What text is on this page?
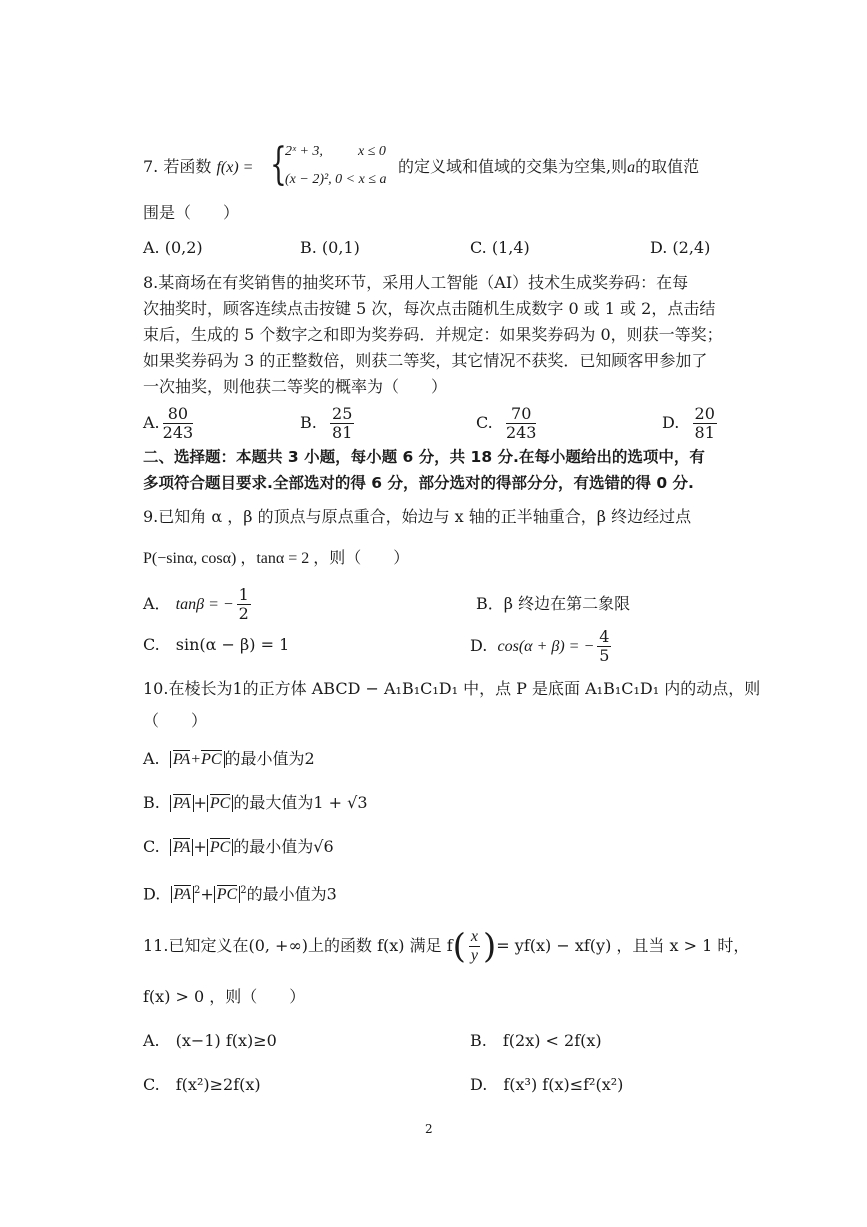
7. 若函数 f(x) = {
2ˣ + 3,	x ≤ 0
(x − 2)², 0 < x ≤ a
的定义域和值域的交集为空集,则a的取值范
围是（　　）
A. (0,2)	B. (0,1)	C. (1,4)	D. (2,4)
8.某商场在有奖销售的抽奖环节，采用人工智能（AI）技术生成奖券码：在每
次抽奖时，顾客连续点击按键 5 次，每次点击随机生成数字 0 或 1 或 2，点击结
束后，生成的 5 个数字之和即为奖券码．并规定：如果奖券码为 0，则获一等奖；
如果奖券码为 3 的正整数倍，则获二等奖，其它情况不获奖．已知顾客甲参加了
一次抽奖，则他获二等奖的概率为（　　）
A. $\frac{80}{243}$	B. $\frac{25}{81}$	C. $\frac{70}{243}$	D. $\frac{20}{81}$
二、选择题：本题共 3 小题，每小题 6 分，共 18 分.在每小题给出的选项中，有
多项符合题目要求.全部选对的得 6 分，部分选对的得部分分，有选错的得 0 分.
9.已知角 α ，β 的顶点与原点重合，始边与 x 轴的正半轴重合，β 终边经过点
P(−sinα, cosα) ，tanα = 2 ，则（　　）
A． tanβ = − $\frac{1}{2}$	B．β 终边在第二象限
C.　sin(α − β) = 1	D. cos(α + β) = − $\frac{4}{5}$
10.在棱长为1的正方体 ABCD − A₁B₁C₁D₁ 中，点 P 是底面 A₁B₁C₁D₁ 内的动点，则
（　　）
A. PA+PC 的最小值为2
B. PA + PC 的最大值为1 + √3
C. PA + PC 的最小值为√6
D. PA $^2$+ PC $^2$的最小值为3
11.已知定义在(0, +∞)上的函数 f(x) 满足 $f( \frac{x}{y}$ )= yf(x) − xf(y) ，且当 x > 1 时，
f(x) > 0 ，则（　　）
A.　(x−1) f(x)≥0	B.　f(2x) < 2f(x)
C.　f(x²)≥2f(x)	D.　f(x³) f(x)≤f²(x²)
2
